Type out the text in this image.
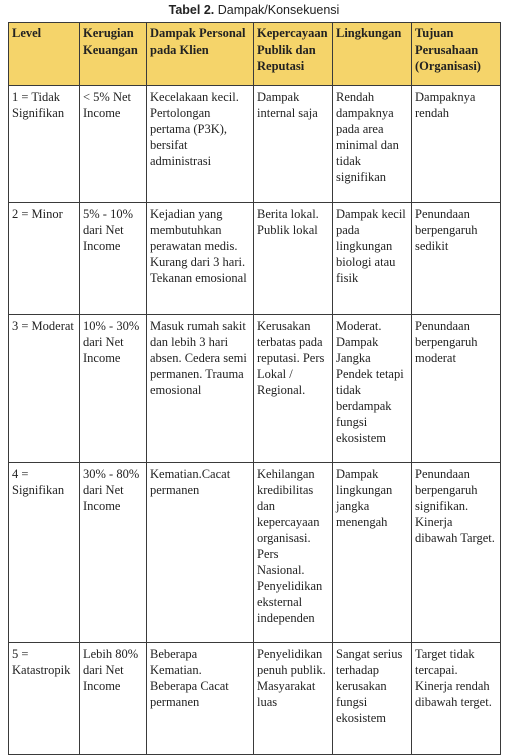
Tabel 2. Dampak/Konsekuensi
Level	Kerugian Keuangan	Dampak Personal pada Klien	Kepercayaan Publik dan Reputasi	Lingkungan	Tujuan Perusahaan (Organisasi)
1 = Tidak Signifikan	< 5% Net Income	Kecelakaan kecil. Pertolongan pertama (P3K), bersifat administrasi	Dampak internal saja	Rendah dampaknya pada area minimal dan tidak signifikan	Dampaknya rendah
2 = Minor	5% - 10% dari Net Income	Kejadian yang membutuhkan perawatan medis. Kurang dari 3 hari. Tekanan emosional	Berita lokal. Publik lokal	Dampak kecil pada lingkungan biologi atau fisik	Penundaan berpengaruh sedikit
3 = Moderat	10% - 30% dari Net Income	Masuk rumah sakit dan lebih 3 hari absen. Cedera semi permanen. Trauma emosional	Kerusakan terbatas pada reputasi. Pers Lokal / Regional.	Moderat. Dampak Jangka Pendek tetapi tidak berdampak fungsi ekosistem	Penundaan berpengaruh moderat
4 = Signifikan	30% - 80% dari Net Income	Kematian.Cacat permanen	Kehilangan kredibilitas dan kepercayaan organisasi. Pers Nasional. Penyelidikan eksternal independen	Dampak lingkungan jangka menengah	Penundaan berpengaruh signifikan. Kinerja dibawah Target.
5 = Katastropik	Lebih 80% dari Net Income	Beberapa Kematian. Beberapa Cacat permanen	Penyelidikan penuh publik. Masyarakat luas	Sangat serius terhadap kerusakan fungsi ekosistem	Target tidak tercapai. Kinerja rendah dibawah terget.
